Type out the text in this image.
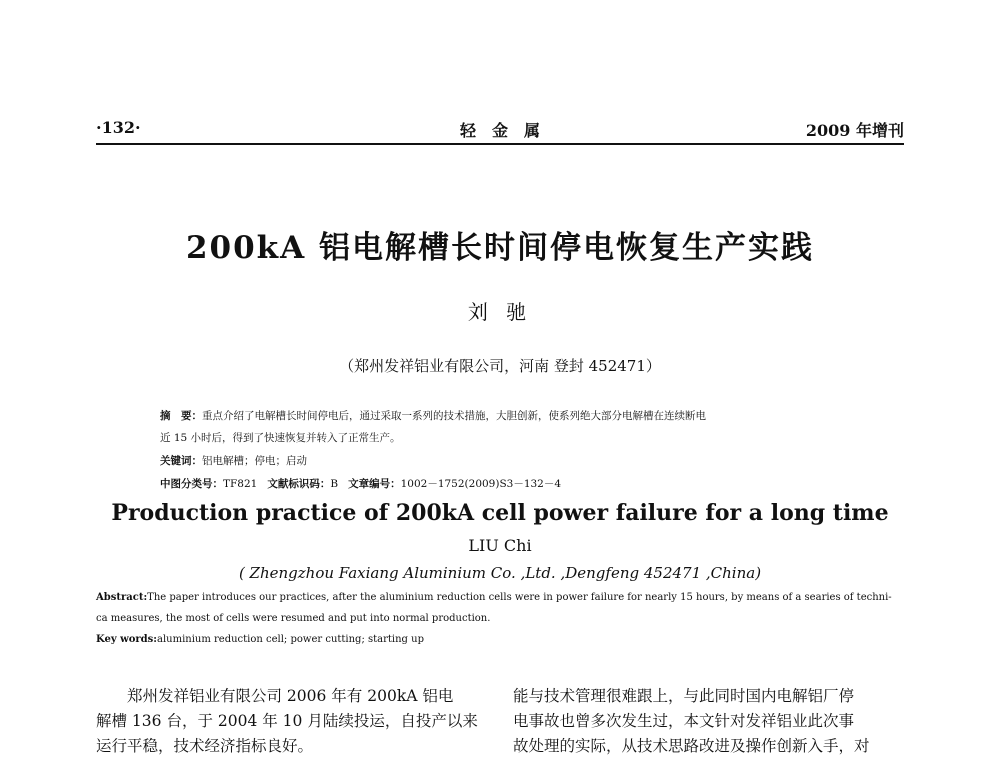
·132·	轻　金　属	2009 年增刊
200kA 铝电解槽长时间停电恢复生产实践
刘 驰
（郑州发祥铝业有限公司，河南 登封 452471）
摘　要：重点介绍了电解槽长时间停电后，通过采取一系列的技术措施，大胆创新，使系列绝大部分电解槽在连续断电
近 15 小时后，得到了快速恢复并转入了正常生产。
关键词：铝电解槽；停电；启动
中图分类号：TF821 文献标识码：B 文章编号：1002－1752(2009)S3－132－4
Production practice of 200kA cell power failure for a long time
LIU Chi
( Zhengzhou Faxiang Aluminium Co. ,Ltd. ,Dengfeng 452471 ,China)
Abstract:The paper introduces our practices, after the aluminium reduction cells were in power failure for nearly 15 hours, by means of a searies of techni-
ca measures, the most of cells were resumed and put into normal production.
Key words:aluminium reduction cell; power cutting; starting up
郑州发祥铝业有限公司 2006 年有 200kA 铝电
解槽 136 台，于 2004 年 10 月陆续投运，自投产以来
运行平稳，技术经济指标良好。
能与技术管理很难跟上，与此同时国内电解铝厂停
电事故也曾多次发生过，本文针对发祥铝业此次事
故处理的实际，从技术思路改进及操作创新入手，对
